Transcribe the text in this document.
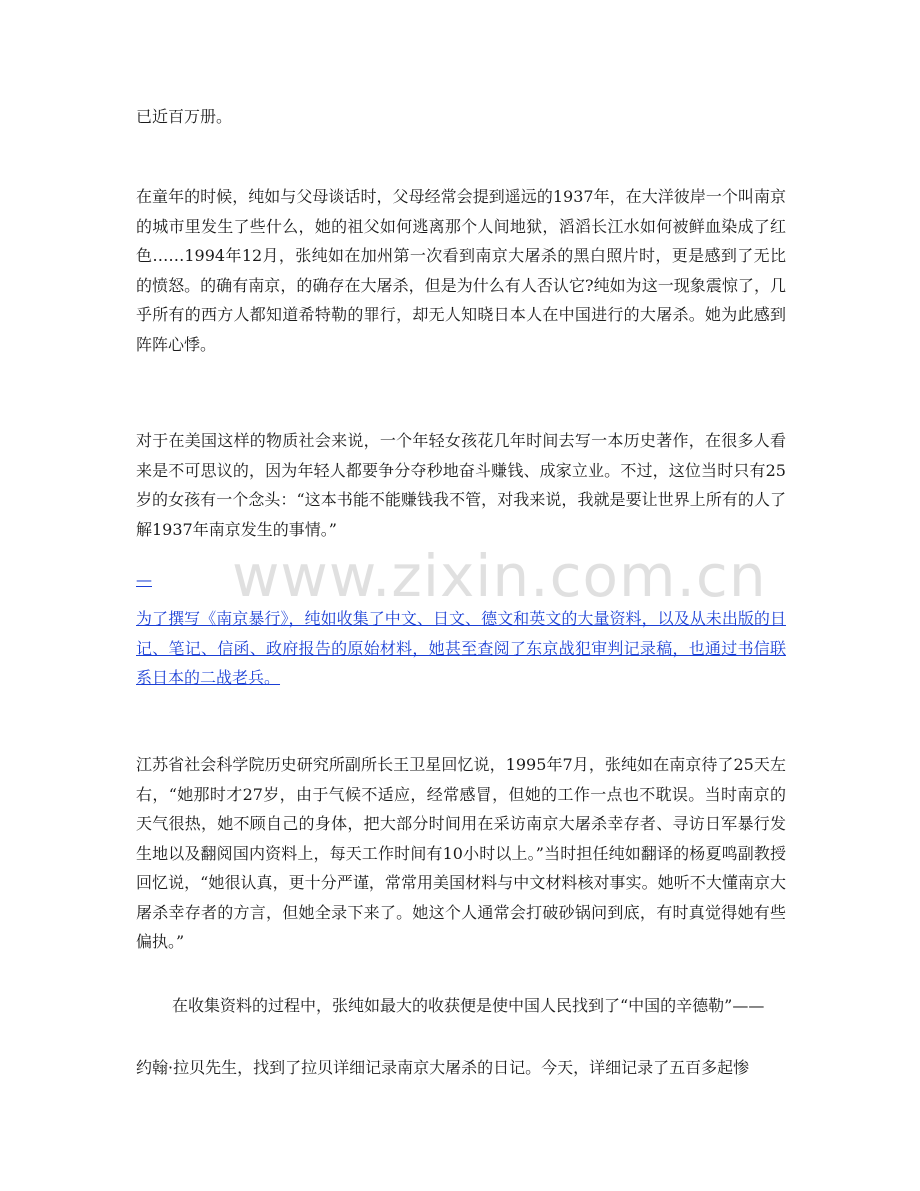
已近百万册。

在童年的时候，纯如与父母谈话时，父母经常会提到遥远的1937年，在大洋彼岸一个叫南京的城市里发生了些什么，她的祖父如何逃离那个人间地狱，滔滔长江水如何被鲜血染成了红色……1994年12月，张纯如在加州第一次看到南京大屠杀的黑白照片时，更是感到了无比的愤怒。的确有南京，的确存在大屠杀，但是为什么有人否认它?纯如为这一现象震惊了，几乎所有的西方人都知道希特勒的罪行，却无人知晓日本人在中国进行的大屠杀。她为此感到阵阵心悸。

对于在美国这样的物质社会来说，一个年轻女孩花几年时间去写一本历史著作，在很多人看来是不可思议的，因为年轻人都要争分夺秒地奋斗赚钱、成家立业。不过，这位当时只有25岁的女孩有一个念头：“这本书能不能赚钱我不管，对我来说，我就是要让世界上所有的人了解1937年南京发生的事情。”

—

为了撰写《南京暴行》，纯如收集了中文、日文、德文和英文的大量资料，以及从未出版的日记、笔记、信函、政府报告的原始材料，她甚至查阅了东京战犯审判记录稿，也通过书信联系日本的二战老兵。

江苏省社会科学院历史研究所副所长王卫星回忆说，1995年7月，张纯如在南京待了25天左右，“她那时才27岁，由于气候不适应，经常感冒，但她的工作一点也不耽误。当时南京的天气很热，她不顾自己的身体，把大部分时间用在采访南京大屠杀幸存者、寻访日军暴行发生地以及翻阅国内资料上，每天工作时间有10小时以上。”当时担任纯如翻译的杨夏鸣副教授回忆说，“她很认真，更十分严谨，常常用美国材料与中文材料核对事实。她听不大懂南京大屠杀幸存者的方言，但她全录下来了。她这个人通常会打破砂锅问到底，有时真觉得她有些偏执。”

在收集资料的过程中，张纯如最大的收获便是使中国人民找到了“中国的辛德勒”——

约翰·拉贝先生，找到了拉贝详细记录南京大屠杀的日记。今天，详细记录了五百多起惨

www.zixin.com.cn
